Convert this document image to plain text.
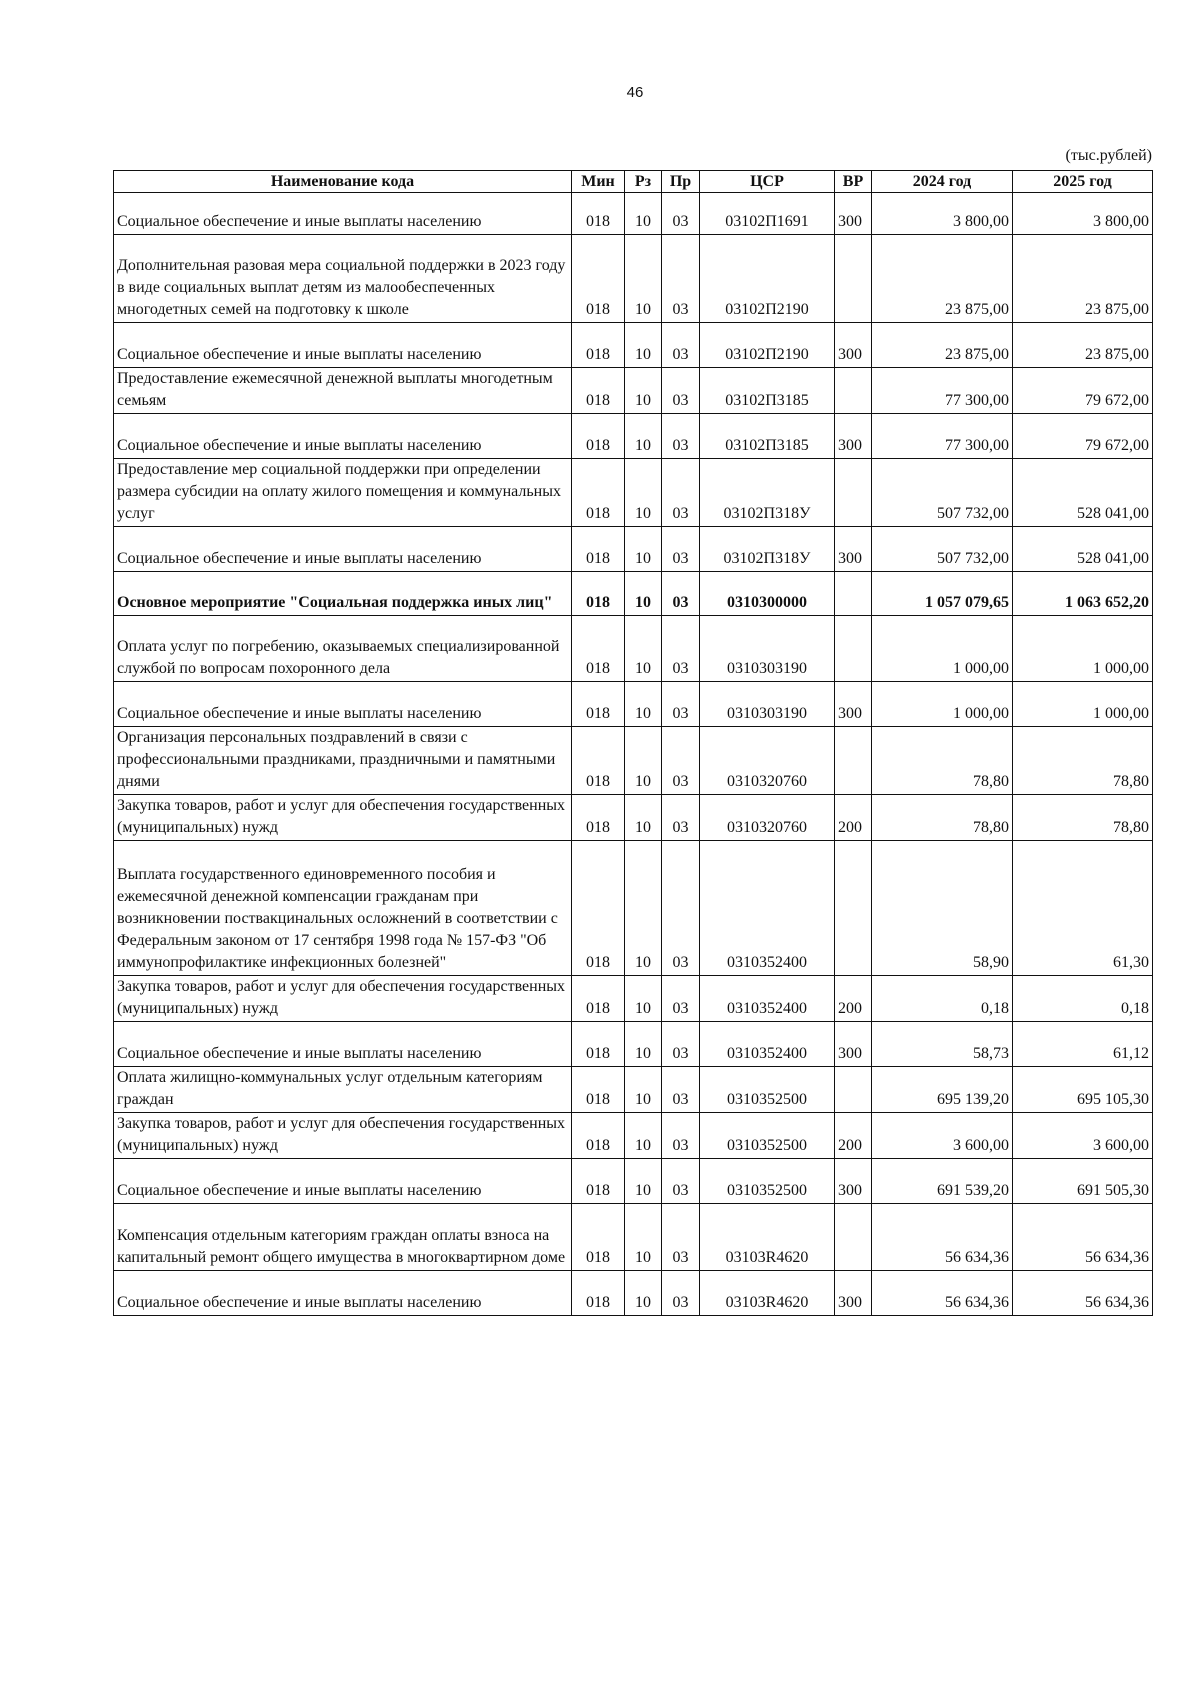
46
(тыс.рублей)
Наименование кода	Мин	Рз	Пр	ЦСР	ВР	2024 год	2025 год
Социальное обеспечение и иные выплаты населению	018	10	03	03102П1691	300	3 800,00	3 800,00
Дополнительная разовая мера социальной поддержки в 2023 году в виде социальных выплат детям из малообеспеченных многодетных семей на подготовку к школе	018	10	03	03102П2190		23 875,00	23 875,00
Социальное обеспечение и иные выплаты населению	018	10	03	03102П2190	300	23 875,00	23 875,00
Предоставление ежемесячной денежной выплаты многодетным семьям	018	10	03	03102П3185		77 300,00	79 672,00
Социальное обеспечение и иные выплаты населению	018	10	03	03102П3185	300	77 300,00	79 672,00
Предоставление мер социальной поддержки при определении размера субсидии на оплату жилого помещения и коммунальных услуг	018	10	03	03102П318У		507 732,00	528 041,00
Социальное обеспечение и иные выплаты населению	018	10	03	03102П318У	300	507 732,00	528 041,00
Основное мероприятие "Социальная поддержка иных лиц"	018	10	03	0310300000		1 057 079,65	1 063 652,20
Оплата услуг по погребению, оказываемых специализированной службой по вопросам похоронного дела	018	10	03	0310303190		1 000,00	1 000,00
Социальное обеспечение и иные выплаты населению	018	10	03	0310303190	300	1 000,00	1 000,00
Организация персональных поздравлений в связи с профессиональными праздниками, праздничными и памятными днями	018	10	03	0310320760		78,80	78,80
Закупка товаров, работ и услуг для обеспечения государственных (муниципальных) нужд	018	10	03	0310320760	200	78,80	78,80
Выплата государственного единовременного пособия и ежемесячной денежной компенсации гражданам при возникновении поствакцинальных осложнений в соответствии с Федеральным законом от 17 сентября 1998 года № 157-ФЗ "Об иммунопрофилактике инфекционных болезней"	018	10	03	0310352400		58,90	61,30
Закупка товаров, работ и услуг для обеспечения государственных (муниципальных) нужд	018	10	03	0310352400	200	0,18	0,18
Социальное обеспечение и иные выплаты населению	018	10	03	0310352400	300	58,73	61,12
Оплата жилищно-коммунальных услуг отдельным категориям граждан	018	10	03	0310352500		695 139,20	695 105,30
Закупка товаров, работ и услуг для обеспечения государственных (муниципальных) нужд	018	10	03	0310352500	200	3 600,00	3 600,00
Социальное обеспечение и иные выплаты населению	018	10	03	0310352500	300	691 539,20	691 505,30
Компенсация отдельным категориям граждан оплаты взноса на капитальный ремонт общего имущества в многоквартирном доме	018	10	03	03103R4620		56 634,36	56 634,36
Социальное обеспечение и иные выплаты населению	018	10	03	03103R4620	300	56 634,36	56 634,36
